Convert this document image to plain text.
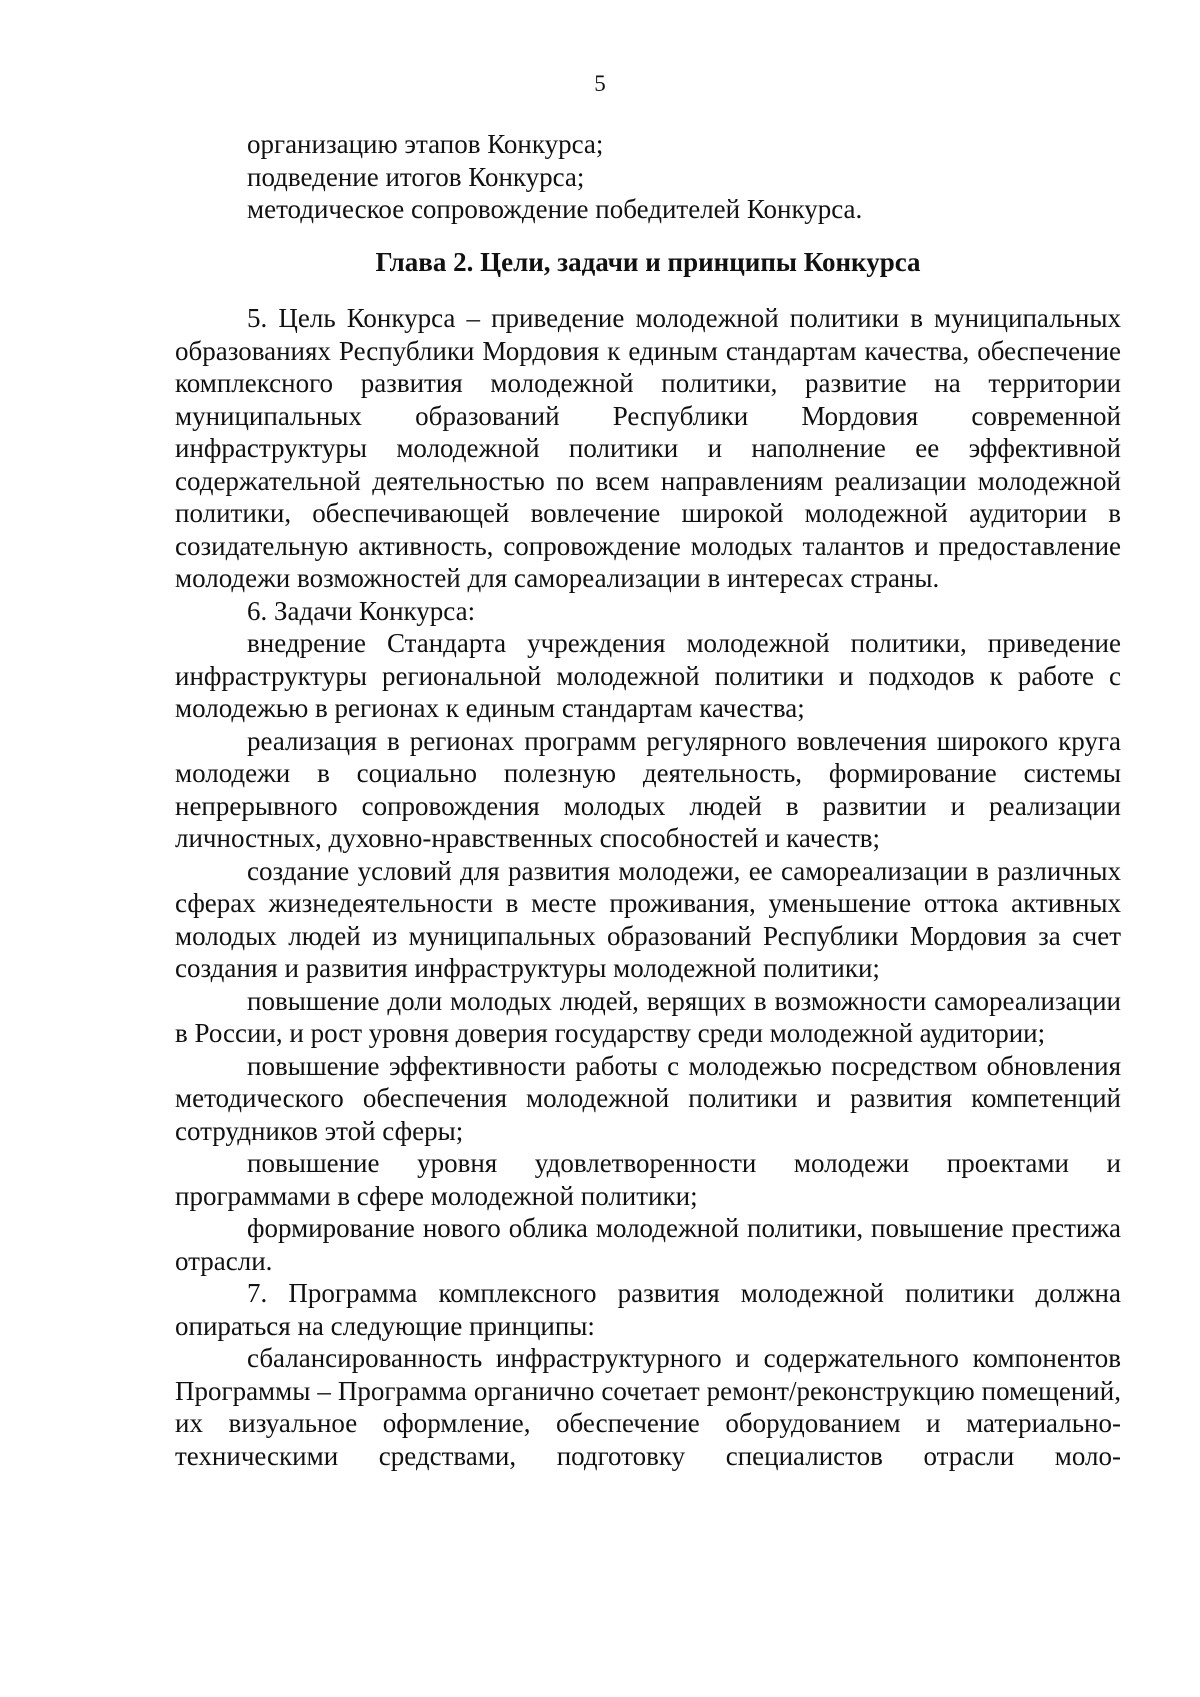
5

организацию этапов Конкурса;

подведение итогов Конкурса;

методическое сопровождение победителей Конкурса.

Глава 2. Цели, задачи и принципы Конкурса

5. Цель Конкурса – приведение молодежной политики в муниципальных образованиях Республики Мордовия к единым стандартам качества, обеспечение комплексного развития молодежной политики, развитие на территории муниципальных образований Республики Мордовия современной инфраструктуры молодежной политики и наполнение ее эффективной содержательной деятельностью по всем направлениям реализации молодежной политики, обеспечивающей вовлечение широкой молодежной аудитории в созидательную активность, сопровождение молодых талантов и предоставление молодежи возможностей для самореализации в интересах страны.

6. Задачи Конкурса:

внедрение Стандарта учреждения молодежной политики, приведение инфраструктуры региональной молодежной политики и подходов к работе с молодежью в регионах к единым стандартам качества;

реализация в регионах программ регулярного вовлечения широкого круга молодежи в социально полезную деятельность, формирование системы непрерывного сопровождения молодых людей в развитии и реализации личностных, духовно-нравственных способностей и качеств;

создание условий для развития молодежи, ее самореализации в различных сферах жизнедеятельности в месте проживания, уменьшение оттока активных молодых людей из муниципальных образований Республики Мордовия за счет создания и развития инфраструктуры молодежной политики;

повышение доли молодых людей, верящих в возможности самореализации в России, и рост уровня доверия государству среди молодежной аудитории;

повышение эффективности работы с молодежью посредством обновления методического обеспечения молодежной политики и развития компетенций сотрудников этой сферы;

повышение уровня удовлетворенности молодежи проектами и программами в сфере молодежной политики;

формирование нового облика молодежной политики, повышение престижа отрасли.

7. Программа комплексного развития молодежной политики должна опираться на следующие принципы:

сбалансированность инфраструктурного и содержательного компонентов Программы – Программа органично сочетает ремонт/реконструкцию помещений, их визуальное оформление, обеспечение оборудованием и материально-техническими средствами, подготовку специалистов отрасли моло-
